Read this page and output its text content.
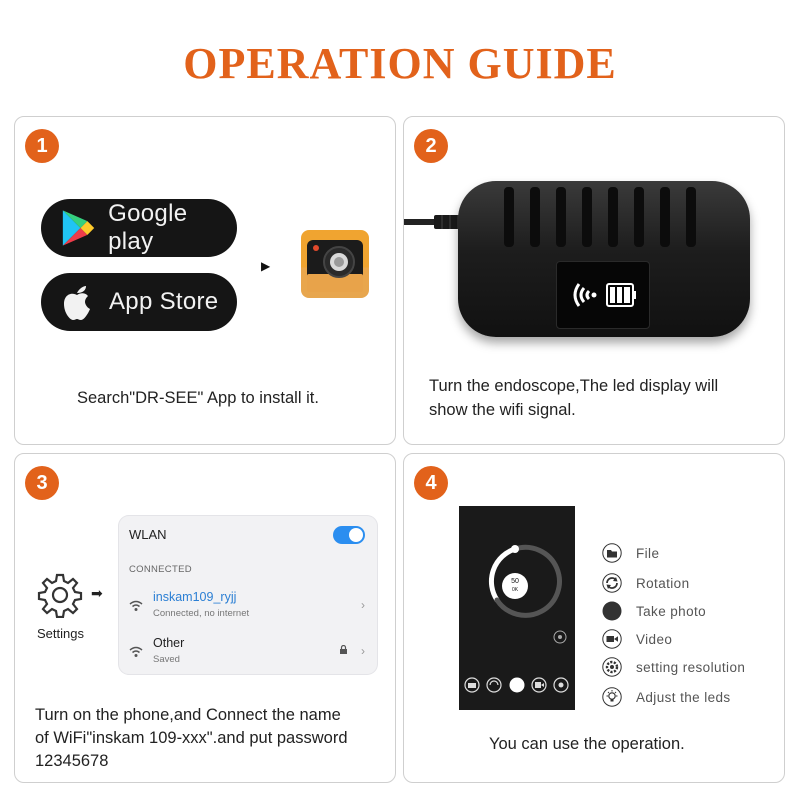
OPERATION GUIDE
1
Google play
App Store
▶
Search"DR-SEE" App to install it.
2
Turn the endoscope,The led display will
show the wifi signal.
3
Settings
➡
WLAN
CONNECTED
inskam109_ryjj
Connected, no internet
›
Other
Saved
›
Turn on the phone,and Connect the name
of WiFi"inskam 109-xxx".and put password
12345678
4
50
0K
File
Rotation
Take photo
Video
setting resolution
Adjust the leds
You can use the operation.
